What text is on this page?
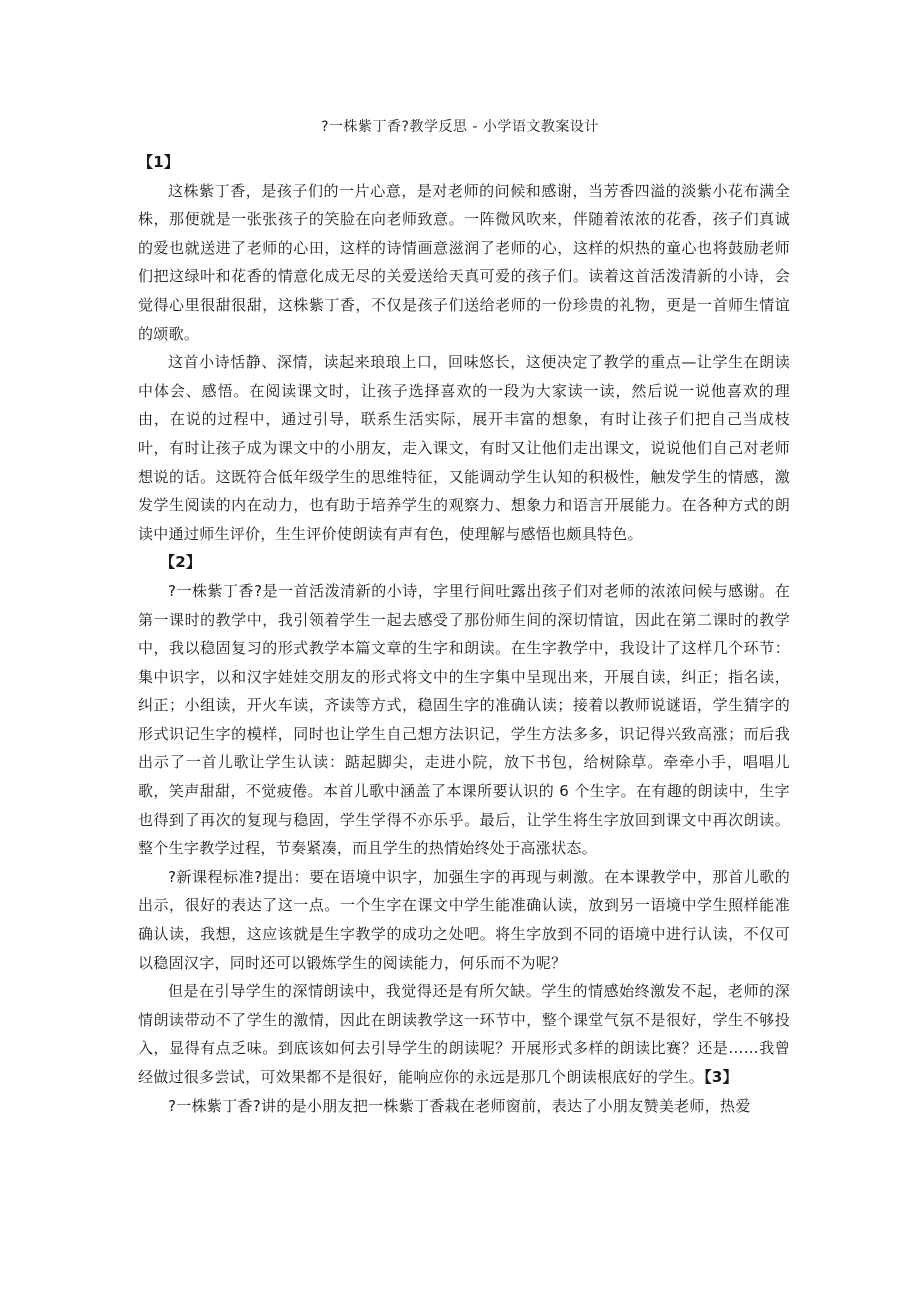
?一株紫丁香?教学反思 - 小学语文教案设计
【1】

这株紫丁香，是孩子们的一片心意，是对老师的问候和感谢，当芳香四溢的淡紫小花布满全株，那便就是一张张孩子的笑脸在向老师致意。一阵微风吹来，伴随着浓浓的花香，孩子们真诚的爱也就送进了老师的心田，这样的诗情画意滋润了老师的心，这样的炽热的童心也将鼓励老师们把这绿叶和花香的情意化成无尽的关爱送给天真可爱的孩子们。读着这首活泼清新的小诗，会觉得心里很甜很甜，这株紫丁香，不仅是孩子们送给老师的一份珍贵的礼物，更是一首师生情谊的颂歌。

这首小诗恬静、深情，读起来琅琅上口，回味悠长，这便决定了教学的重点—让学生在朗读中体会、感悟。在阅读课文时，让孩子选择喜欢的一段为大家读一读，然后说一说他喜欢的理由，在说的过程中，通过引导，联系生活实际，展开丰富的想象，有时让孩子们把自己当成枝叶，有时让孩子成为课文中的小朋友，走入课文，有时又让他们走出课文，说说他们自己对老师想说的话。这既符合低年级学生的思维特征，又能调动学生认知的积极性，触发学生的情感，激发学生阅读的内在动力，也有助于培养学生的观察力、想象力和语言开展能力。在各种方式的朗读中通过师生评价，生生评价使朗读有声有色，使理解与感悟也颇具特色。

【2】

?一株紫丁香?是一首活泼清新的小诗，字里行间吐露出孩子们对老师的浓浓问候与感谢。在第一课时的教学中，我引领着学生一起去感受了那份师生间的深切情谊，因此在第二课时的教学中，我以稳固复习的形式教学本篇文章的生字和朗读。在生字教学中，我设计了这样几个环节：集中识字，以和汉字娃娃交朋友的形式将文中的生字集中呈现出来，开展自读，纠正；指名读，纠正；小组读，开火车读，齐读等方式，稳固生字的准确认读；接着以教师说谜语，学生猜字的形式识记生字的模样，同时也让学生自己想方法识记，学生方法多多，识记得兴致高涨；而后我出示了一首儿歌让学生认读：踮起脚尖，走进小院，放下书包，给树除草。牵牵小手，唱唱儿歌，笑声甜甜，不觉疲倦。本首儿歌中涵盖了本课所要认识的 6 个生字。在有趣的朗读中，生字也得到了再次的复现与稳固，学生学得不亦乐乎。最后，让学生将生字放回到课文中再次朗读。整个生字教学过程，节奏紧凑，而且学生的热情始终处于高涨状态。

?新课程标准?提出：要在语境中识字，加强生字的再现与刺激。在本课教学中，那首儿歌的出示，很好的表达了这一点。一个生字在课文中学生能准确认读，放到另一语境中学生照样能准确认读，我想，这应该就是生字教学的成功之处吧。将生字放到不同的语境中进行认读，不仅可以稳固汉字，同时还可以锻炼学生的阅读能力，何乐而不为呢？

但是在引导学生的深情朗读中，我觉得还是有所欠缺。学生的情感始终激发不起，老师的深情朗读带动不了学生的激情，因此在朗读教学这一环节中，整个课堂气氛不是很好，学生不够投入，显得有点乏味。到底该如何去引导学生的朗读呢？开展形式多样的朗读比赛？还是……我曾经做过很多尝试，可效果都不是很好，能响应你的永远是那几个朗读根底好的学生。【3】

?一株紫丁香?讲的是小朋友把一株紫丁香栽在老师窗前，表达了小朋友赞美老师，热爱
